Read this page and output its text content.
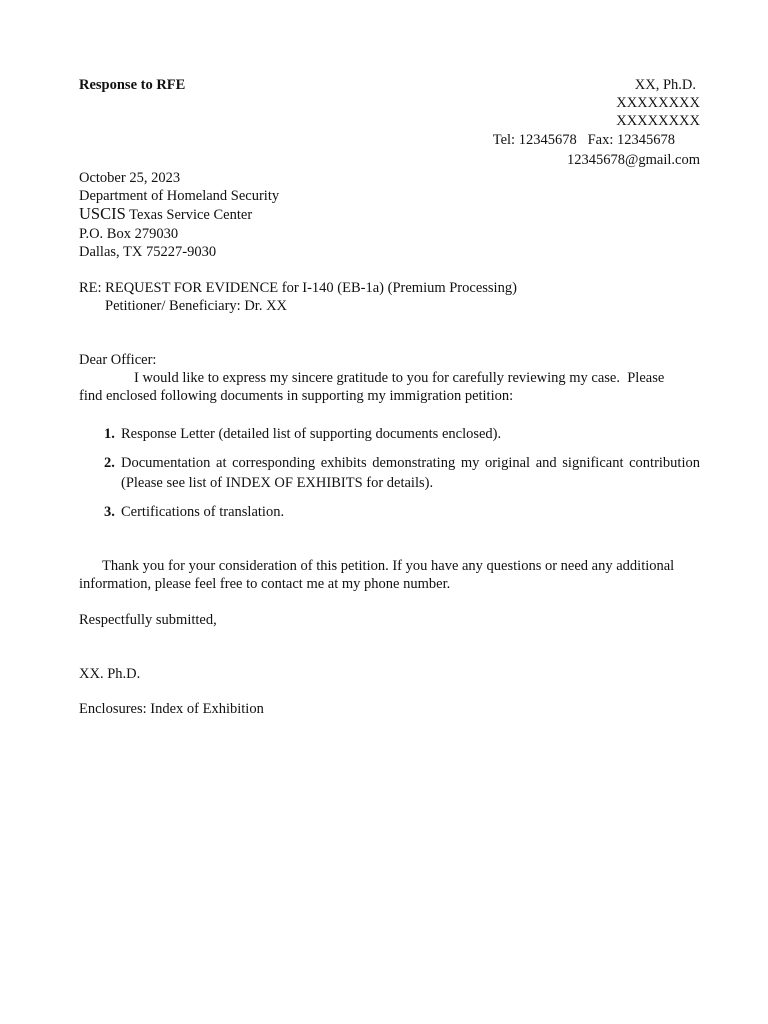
Response to RFE	XX, Ph.D.
XXXXXXXX
XXXXXXXX
Tel: 12345678   Fax: 12345678
12345678@gmail.com
October 25, 2023
Department of Homeland Security
USCIS Texas Service Center
P.O. Box 279030
Dallas, TX 75227-9030
RE: REQUEST FOR EVIDENCE for I-140 (EB-1a) (Premium Processing)
Petitioner/ Beneficiary: Dr. XX
Dear Officer:
I would like to express my sincere gratitude to you for carefully reviewing my case.  Please
find enclosed following documents in supporting my immigration petition:
1. Response Letter (detailed list of supporting documents enclosed).
2. Documentation at corresponding exhibits demonstrating my original and significant contribution (Please see list of INDEX OF EXHIBITS for details).
3. Certifications of translation.
Thank you for your consideration of this petition. If you have any questions or need any additional
information, please feel free to contact me at my phone number.
Respectfully submitted,
XX. Ph.D.
Enclosures: Index of Exhibition
